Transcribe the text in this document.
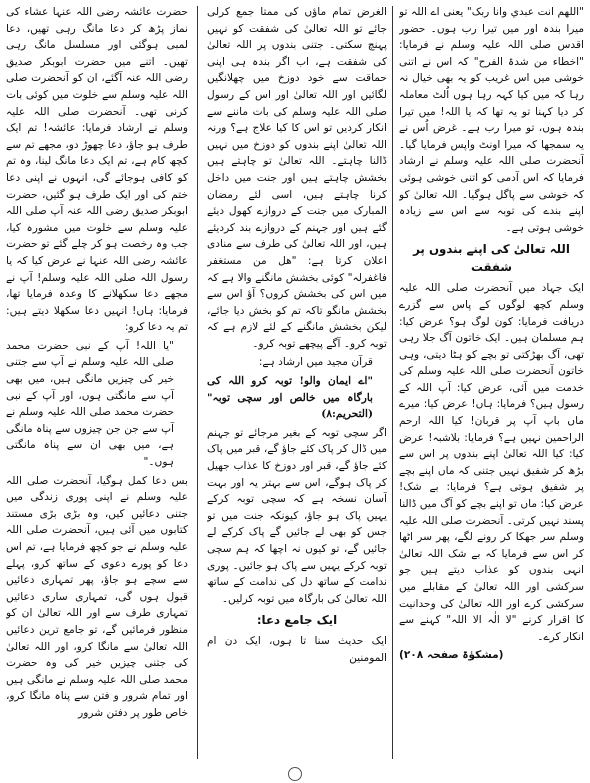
"اللهم انت عبدي وانا ربک" یعنی اے اللہ تو میرا بندہ اور میں تیرا رب ہوں۔ حضور اقدس صلی اللہ علیہ وسلم نے فرمایا: "اخطاء من شدۃ الفرح" کہ اس نے اتنی خوشی میں اس غریب کو یہ بھی خیال نہ رہا کہ میں کیا کہہ رہا ہوں اُلٹ معاملہ کر دیا کہنا تو یہ تھا کہ یا اللہ! میں تیرا بندہ ہوں، تو میرا رب ہے۔ غرض اُس نے یہ سمجھا کہ میرا اونٹ واپس فرمایا گیا۔ آنحضرت صلی اللہ علیہ وسلم نے ارشاد فرمایا کہ اس آدمی کو اتنی خوشی ہوئی کہ خوشی سے پاگل ہوگیا۔ اللہ تعالیٰ کو اپنے بندے کی توبہ سے اس سے زیادہ خوشی ہوتی ہے۔

اللہ تعالیٰ کی اپنے بندوں پر شفقت

ایک جہاد میں آنحضرت صلی اللہ علیہ وسلم کچھ لوگوں کے پاس سے گزرے دریافت فرمایا: کون لوگ ہو؟ عرض کیا: ہم مسلمان ہیں۔ ایک خاتون آگ جلا رہی تھی، آگ بھڑکتی تو بچے کو ہٹا دیتی، وہی خاتون آنحضرت صلی اللہ علیہ وسلم کی خدمت میں آئی، عرض کیا: آپ اللہ کے رسول ہیں؟ فرمایا: ہاں! عرض کیا: میرے ماں باپ آپ پر قربان! کیا اللہ ارحم الراحمین نہیں ہے؟ فرمایا: بلاشبہ! عرض کیا: کیا اللہ تعالیٰ اپنے بندوں پر اس سے بڑھ کر شفیق نہیں جتنی کہ ماں اپنے بچے پر شفیق ہوتی ہے؟ فرمایا: بے شک! عرض کیا: ماں تو اپنے بچے کو آگ میں ڈالنا پسند نہیں کرتی۔ آنحضرت صلی اللہ علیہ وسلم سر جھکا کر رونے لگے، پھر سر اٹھا کر اس سے فرمایا کہ بے شک اللہ تعالیٰ انہی بندوں کو عذاب دیتے ہیں جو سرکشی اور اللہ تعالیٰ کے مقابلے میں سرکشی کرے اور اللہ تعالیٰ کی وحدانیت کا اقرار کرنے "لا الٰہ الا اللہ" کہنے سے انکار کرے۔

(مشکوٰۃ صفحہ ۲۰۸)

الغرض تمام ماؤں کی ممتا جمع کرلی جائے تو اللہ تعالیٰ کی شفقت کو نہیں پہنچ سکتی۔ جتنی بندوں پر اللہ تعالیٰ کی شفقت ہے، اب اگر بندہ ہی اپنی حماقت سے خود دوزخ میں چھلانگیں لگائیں اور اللہ تعالیٰ اور اس کے رسول صلی اللہ علیہ وسلم کی بات ماننے سے انکار کردیں تو اس کا کیا علاج ہے؟ ورنہ اللہ تعالیٰ اپنے بندوں کو دوزخ میں نہیں ڈالنا چاہتے۔ اللہ تعالیٰ تو چاہتے ہیں بخشش چاہتے ہیں اور جنت میں داخل کرنا چاہتے ہیں، اسی لئے رمضان المبارک میں جنت کے دروازے کھول دیئے گئے ہیں اور جہنم کے دروازے بند کردیئے ہیں، اور اللہ تعالیٰ کی طرف سے منادی اعلان کرتا ہے: "ھل من مستغفر فاغفرلہ" کوئی بخشش مانگنے والا ہے کہ میں اس کی بخشش کروں؟ آؤ اس سے بخشش مانگو تاکہ تم کو بخش دیا جائے، لیکن بخشش مانگنے کے لئے لازم ہے کہ توبہ کرو۔ آگے پیچھے توبہ کرو۔

قرآن مجید میں ارشاد ہے:

"اے ایمان والو! توبہ کرو اللہ کی بارگاہ میں خالص اور سچی توبہ" (التحریم:۸)

اگر سچی توبہ کے بغیر مرجائے تو جہنم میں ڈال کر پاک کئے جاؤ گے، قبر میں پاک کئے جاؤ گے، قبر اور دوزخ کا عذاب جھیل کر پاک ہوگے، اس سے بہتر یہ اور بہت آسان نسخہ ہے کہ سچی توبہ کرکے یہیں پاک ہو جاؤ، کیونکہ جنت میں تو جس کو بھی لے جائیں گے پاک کرکے لے جائیں گے، تو کیوں نہ اچھا کہ ہم سچی توبہ کرکے یہیں سے پاک ہو جائیں۔ پوری ندامت کے ساتھ دل کی ندامت کے ساتھ اللہ تعالیٰ کی بارگاہ میں توبہ کرلیں۔

ایک جامع دعا:

ایک حدیث سنا تا ہوں، ایک دن ام المومنین

حضرت عائشہ رضی اللہ عنہا عشاء کی نماز پڑھ کر دعا مانگ رہی تھیں، دعا لمبی ہوگئی اور مسلسل مانگ رہی تھیں۔ اتنے میں حضرت ابوبکر صدیق رضی اللہ عنہ آگئے، ان کو آنحضرت صلی اللہ علیہ وسلم سے خلوت میں کوئی بات کرنی تھی۔ آنحضرت صلی اللہ علیہ وسلم نے ارشاد فرمایا: عائشہ! تم ایک طرف ہو جاؤ، دعا چھوڑ دو، مجھے تم سے کچھ کام ہے، تم ایک دعا مانگ لینا، وہ تم کو کافی ہوجائے گی، انہوں نے اپنی دعا ختم کی اور ایک طرف ہو گئیں، حضرت ابوبکر صدیق رضی اللہ عنہ آپ صلی اللہ علیہ وسلم سے خلوت میں مشورہ کیا، جب وہ رخصت ہو کر چلے گئے تو حضرت عائشہ رضی اللہ عنہا نے عرض کیا کہ یا رسول اللہ صلی اللہ علیہ وسلم! آپ نے مجھے دعا سکھلانے کا وعدہ فرمایا تھا، فرمایا: ہاں! انہیں دعا سکھلا دیتے ہیں: تم یہ دعا کرو:

"یا اللہ! آپ کے نبی حضرت محمد صلی اللہ علیہ وسلم نے آپ سے جتنی خیر کی چیزیں مانگی ہیں، میں بھی آپ سے مانگتی ہوں، اور آپ کے نبی حضرت محمد صلی اللہ علیہ وسلم نے آپ سے جن جن چیزوں سے پناہ مانگی ہے، میں بھی ان سے پناہ مانگتی ہوں۔"

بس دعا کمل ہوگیا، آنحضرت صلی اللہ علیہ وسلم نے اپنی پوری زندگی میں جتنی دعائیں کیں، وہ بڑی بڑی مستند کتابوں میں آئی ہیں، آنحضرت صلی اللہ علیہ وسلم نے جو کچھ فرمایا ہے، تم اس دعا کو پورے دعوی کے ساتھ کرو، پہلے سے سچے ہو جاؤ، پھر تمہاری دعائیں قبول ہوں گی، تمہاری ساری دعائیں تمہاری طرف سے اور اللہ تعالیٰ ان کو منظور فرمائیں گے، تو جامع ترین دعائیں اللہ تعالیٰ سے مانگا کرو، اور اللہ تعالیٰ کی جتنی چیزیں خیر کی وہ حضرت محمد صلی اللہ علیہ وسلم نے مانگی ہیں اور تمام شرور و فتن سے پناہ مانگا کرو، خاص طور پر دفتن شرور
